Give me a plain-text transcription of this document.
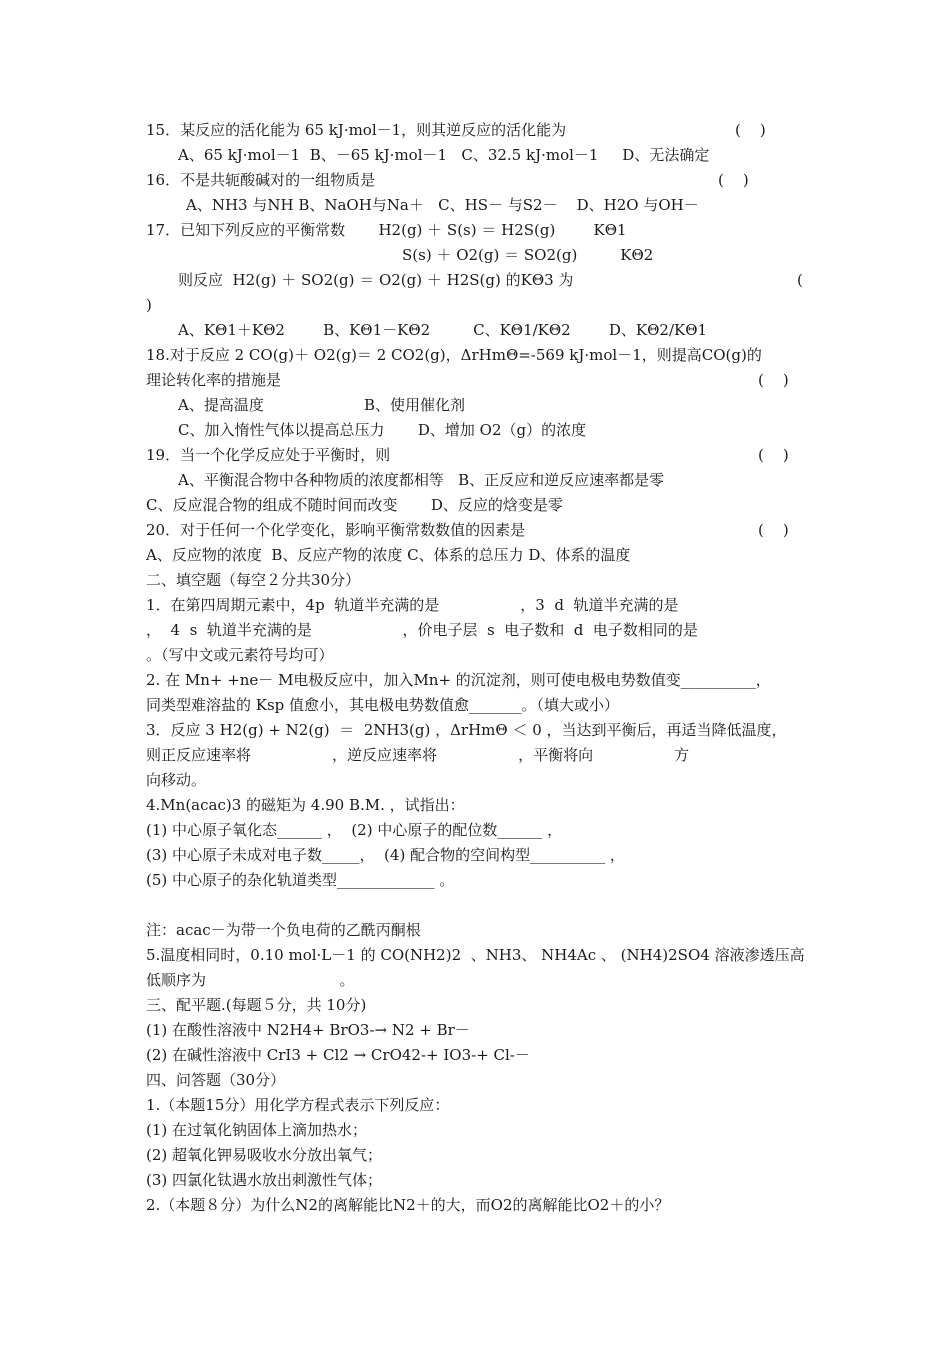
15．某反应的活化能为 65 kJ·mol－1，则其逆反应的活化能为	(    )
A、65 kJ·mol－1  B、－65 kJ·mol－1   C、32.5 kJ·mol－1     D、无法确定
16．不是共轭酸碱对的一组物质是	(    )
A、NH3 与NH B、NaOH与Na＋   C、HS－ 与S2－    D、H2O 与OH－
17．已知下列反应的平衡常数       H2(g) ＋ S(s) ＝ H2S(g)        KΘ1
S(s) ＋ O2(g) ＝ SO2(g)         KΘ2
则反应  H2(g) ＋ SO2(g) ＝ O2(g) ＋ H2S(g) 的KΘ3 为	(
)
A、KΘ1＋KΘ2        B、KΘ1－KΘ2         C、KΘ1/KΘ2        D、KΘ2/KΘ1
18.对于反应 2 CO(g)＋ O2(g)＝ 2 CO2(g)，ΔrHmΘ=-569 kJ·mol－1，则提高CO(g)的
理论转化率的措施是	(    )
A、提高温度                     B、使用催化剂
C、加入惰性气体以提高总压力       D、增加 O2（g）的浓度
19．当一个化学反应处于平衡时，则	(    )
A、平衡混合物中各种物质的浓度都相等   B、正反应和逆反应速率都是零
C、反应混合物的组成不随时间而改变       D、反应的焓变是零
20．对于任何一个化学变化，影响平衡常数数值的因素是	(    )
A、反应物的浓度  B、反应产物的浓度 C、体系的总压力 D、体系的温度
二、填空题（每空２分共30分）
1．在第四周期元素中，4p  轨道半充满的是                 ，3  d  轨道半充满的是
，  4  s  轨道半充满的是                   ，价电子层  s  电子数和  d  电子数相同的是
。（写中文或元素符号均可）
2. 在 Mn+ +ne－ M电极反应中，加入Mn+ 的沉淀剂，则可使电极电势数值变__________，
同类型难溶盐的 Ksp 值愈小，其电极电势数值愈_______。（填大或小）
3．反应 3 H2(g) + N2(g)  ＝  2NH3(g) ，ΔrHmΘ ＜ 0 ，当达到平衡后，再适当降低温度，
则正反应速率将                 ，逆反应速率将                 ，平衡将向                 方
向移动。
4.Mn(acac)3 的磁矩为 4.90 B.M. ，试指出：
(1) 中心原子氧化态______ ，  (2) 中心原子的配位数______ ，
(3) 中心原子未成对电子数_____，  (4) 配合物的空间构型__________ ，
(5) 中心原子的杂化轨道类型_____________ 。
注：acac－为带一个负电荷的乙酰丙酮根
5.温度相同时，0.10 mol·L－1 的 CO(NH2)2  、NH3、 NH4Ac 、 (NH4)2SO4 溶液渗透压高
低顺序为                            。
三、配平题.(每题５分，共 10分)
(1) 在酸性溶液中 N2H4+ BrO3-→ N2 + Br－
(2) 在碱性溶液中 CrI3 + Cl2 → CrO42-+ IO3-+ Cl-－
四、问答题（30分）
1.（本题15分）用化学方程式表示下列反应：
(1) 在过氧化钠固体上滴加热水；
(2) 超氧化钾易吸收水分放出氧气；
(3) 四氯化钛遇水放出刺激性气体；
2.（本题８分）为什么N2的离解能比N2＋的大，而O2的离解能比O2＋的小？
